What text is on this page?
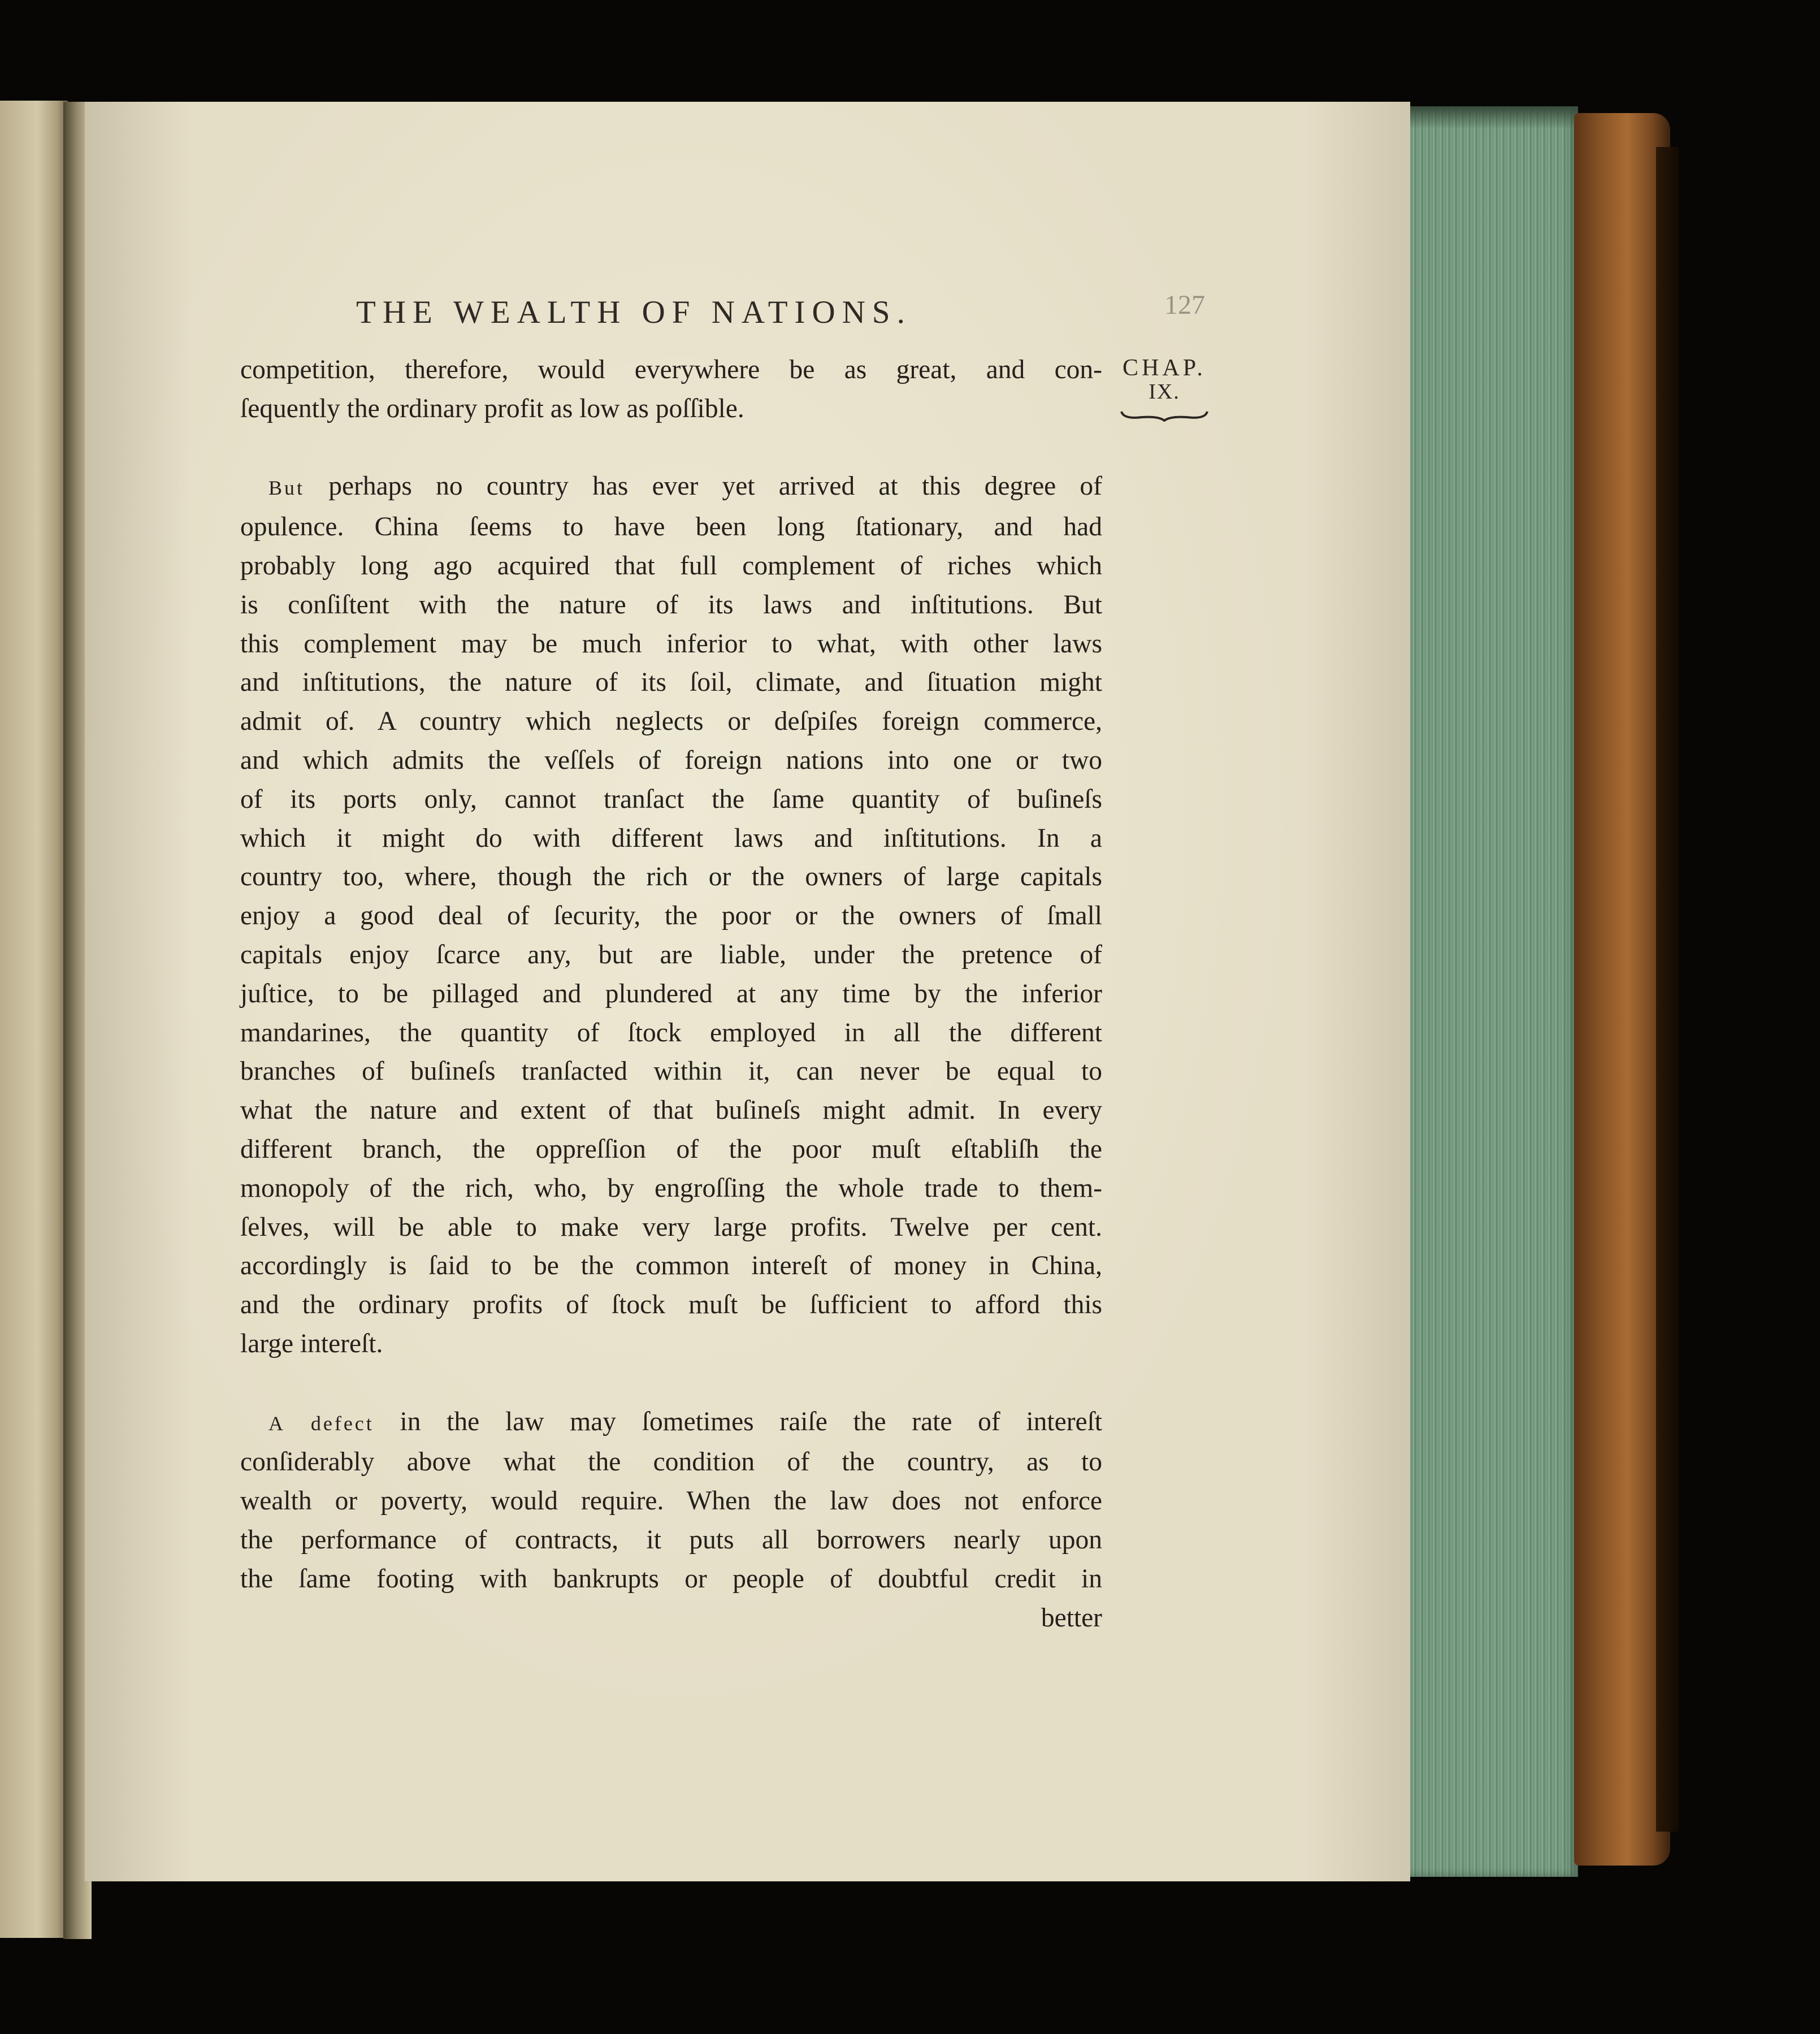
THE WEALTH OF NATIONS.	127
CHAP.
IX.
competition, therefore, would everywhere be as great, and con-
ſequently the ordinary profit as low as poſſible.
But perhaps no country has ever yet arrived at this degree of
opulence. China ſeems to have been long ſtationary, and had
probably long ago acquired that full complement of riches which
is conſiſtent with the nature of its laws and inſtitutions. But
this complement may be much inferior to what, with other laws
and inſtitutions, the nature of its ſoil, climate, and ſituation might
admit of. A country which neglects or deſpiſes foreign commerce,
and which admits the veſſels of foreign nations into one or two
of its ports only, cannot tranſact the ſame quantity of buſineſs
which it might do with different laws and inſtitutions. In a
country too, where, though the rich or the owners of large capitals
enjoy a good deal of ſecurity, the poor or the owners of ſmall
capitals enjoy ſcarce any, but are liable, under the pretence of
juſtice, to be pillaged and plundered at any time by the inferior
mandarines, the quantity of ſtock employed in all the different
branches of buſineſs tranſacted within it, can never be equal to
what the nature and extent of that buſineſs might admit. In every
different branch, the oppreſſion of the poor muſt eſtabliſh the
monopoly of the rich, who, by engroſſing the whole trade to them-
ſelves, will be able to make very large profits. Twelve per cent.
accordingly is ſaid to be the common intereſt of money in China,
and the ordinary profits of ſtock muſt be ſufficient to afford this
large intereſt.
A defect in the law may ſometimes raiſe the rate of intereſt
conſiderably above what the condition of the country, as to
wealth or poverty, would require. When the law does not enforce
the performance of contracts, it puts all borrowers nearly upon
the ſame footing with bankrupts or people of doubtful credit in
better
